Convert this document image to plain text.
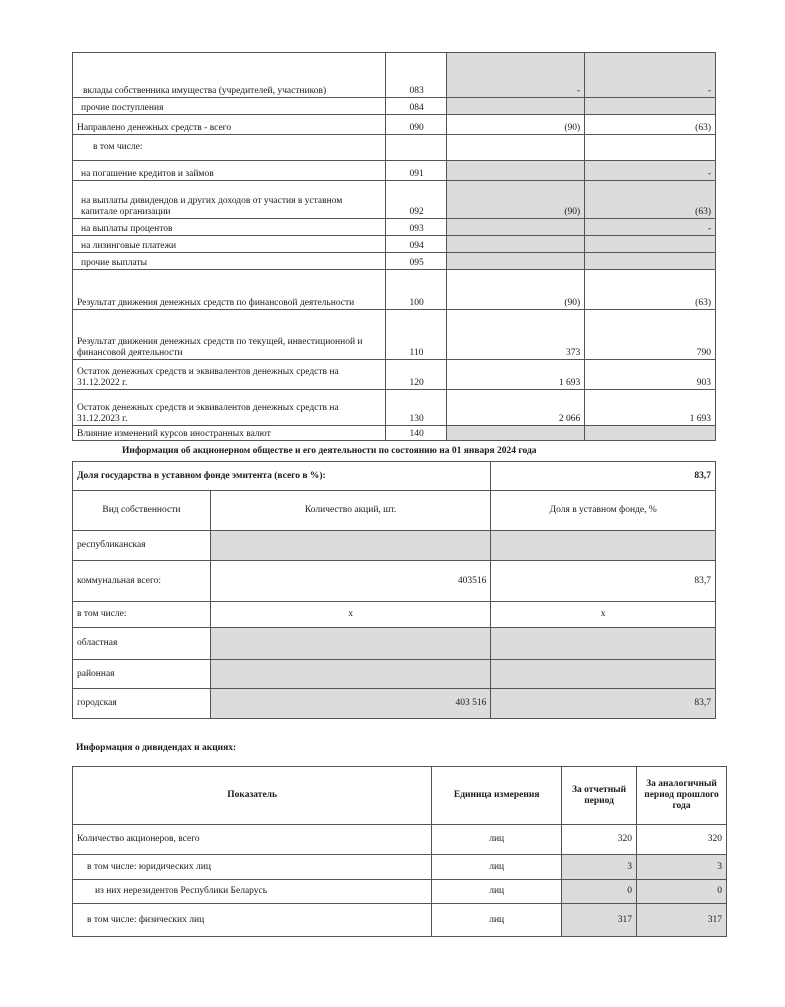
вклады собственника имущества (учредителей, участников)	083	-	-
прочие поступления	084		
Направлено денежных средств - всего	090	(90)	(63)
в том числе:			
на погашение кредитов и займов	091		-
на выплаты дивидендов и других доходов от участия в уставном капитале организации	092	(90)	(63)
на выплаты процентов	093		-
на лизинговые платежи	094		
прочие выплаты	095		
Результат движения денежных средств по финансовой деятельности	100	(90)	(63)
Результат движения денежных средств по текущей, инвестиционной и финансовой деятельности	110	373	790
Остаток денежных средств и эквивалентов денежных средств на 31.12.2022 г.	120	1 693	903
Остаток денежных средств и эквивалентов денежных средств на 31.12.2023 г.	130	2 066	1 693
Влияние изменений курсов иностранных валют	140		
Информация об акционерном обществе и его деятельности по состоянию на 01 января 2024 года
Доля государства в уставном фонде эмитента (всего в %):		83,7
Вид собственности	Количество акций, шт.	Доля в уставном фонде, %
республиканская		
коммунальная всего:	403516	83,7
в том числе:	х	х
областная		
районная		
городская	403 516	83,7
Информация о дивидендах и акциях:
Показатель	Единица измерения	За отчетный период	За аналогичный период прошлого года
Количество акционеров, всего	лиц	320	320
в том числе: юридических лиц	лиц	3	3
из них нерезидентов Республики Беларусь	лиц	0	0
в том числе: физических лиц	лиц	317	317
